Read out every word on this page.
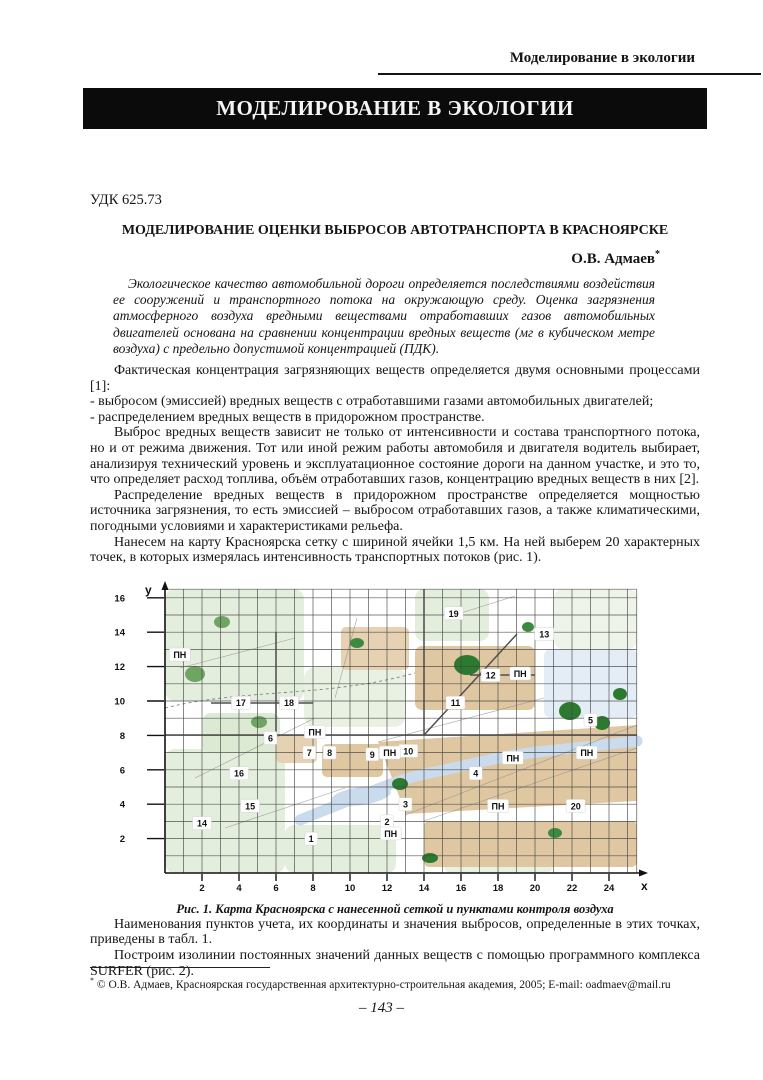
Моделирование в экологии
МОДЕЛИРОВАНИЕ В ЭКОЛОГИИ
УДК 625.73
МОДЕЛИРОВАНИЕ ОЦЕНКИ ВЫБРОСОВ АВТОТРАНСПОРТА В КРАСНОЯРСКЕ
О.В. Адмаев*

Экологическое качество автомобильной дороги определяется последствиями воздействия ее сооружений и транспортного потока на окружающую среду. Оценка загрязнения атмосферного воздуха вредными веществами отработавших газов автомобильных двигателей основана на сравнении концентрации вредных веществ (мг в кубическом метре воздуха) с предельно допустимой концентрацией (ПДК).

Фактическая концентрация загрязняющих веществ определяется двумя основными процессами [1]:

- выбросом (эмиссией) вредных веществ с отработавшими газами автомобильных двигателей;

- распределением вредных веществ в придорожном пространстве.

Выброс вредных веществ зависит не только от интенсивности и состава транспортного потока, но и от режима движения. Тот или иной режим работы автомобиля и двигателя водитель выбирает, анализируя технический уровень и эксплуатационное состояние дороги на данном участке, и это то, что определяет расход топлива, объём отработавших газов, концентрацию вредных веществ в них [2].

Распределение вредных веществ в придорожном пространстве определяется мощностью источника загрязнения, то есть эмиссией – выбросом отработавших газов, а также климатическими, погодными условиями и характеристиками рельефа.

Нанесем на карту Красноярска сетку с шириной ячейки 1,5 км. На ней выберем 20 характерных точек, в которых измерялась интенсивность транспортных потоков (рис. 1).

у
х
2
4
6
8
10
12
14
16
2	4	6	8	10	12	14	16	18	20	22	24
1
2
3
4
5
6
7 8	9	10
11
12
13
14
15
16
17	18
19
20
ПН
ПН
ПН
ПН
ПН
ПН
ПН
ПН
Рис. 1. Карта Красноярска с нанесенной сеткой и пунктами контроля воздуха

Наименования пунктов учета, их координаты и значения выбросов, определенные в этих точках, приведены в табл. 1.

Построим изолинии постоянных значений данных веществ с помощью программного комплекса SURFER (рис. 2).

* © О.В. Адмаев, Красноярская государственная архитектурно-строительная академия, 2005; E-mail: oadmaev@mail.ru
– 143 –
